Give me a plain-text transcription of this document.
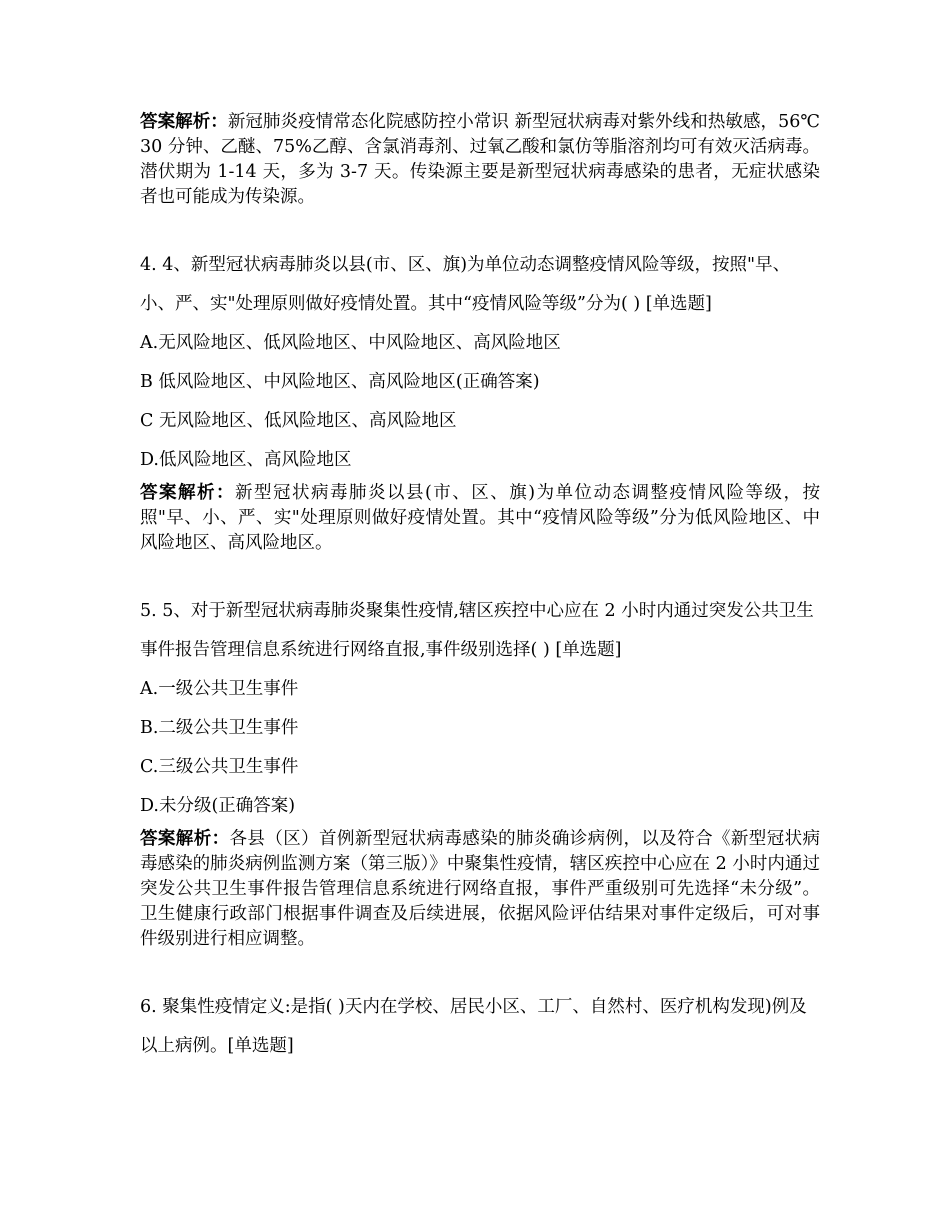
答案解析：新冠肺炎疫情常态化院感防控小常识 新型冠状病毒对紫外线和热敏感，56℃ 30 分钟、乙醚、75%乙醇、含氯消毒剂、过氧乙酸和氯仿等脂溶剂均可有效灭活病毒。潜伏期为 1-14 天，多为 3-7 天。传染源主要是新型冠状病毒感染的患者，无症状感染者也可能成为传染源。

4. 4、新型冠状病毒肺炎以县(市、区、旗)为单位动态调整疫情风险等级，按照"早、小、严、实"处理原则做好疫情处置。其中“疫情风险等级”分为( ) [单选题]

A.无风险地区、低风险地区、中风险地区、高风险地区

B 低风险地区、中风险地区、高风险地区(正确答案)

C 无风险地区、低风险地区、高风险地区

D.低风险地区、高风险地区

答案解析：新型冠状病毒肺炎以县(市、区、旗)为单位动态调整疫情风险等级，按照"早、小、严、实"处理原则做好疫情处置。其中“疫情风险等级”分为低风险地区、中风险地区、高风险地区。

5. 5、对于新型冠状病毒肺炎聚集性疫情,辖区疾控中心应在 2 小时内通过突发公共卫生事件报告管理信息系统进行网络直报,事件级别选择( ) [单选题]

A.一级公共卫生事件

B.二级公共卫生事件

C.三级公共卫生事件

D.未分级(正确答案)

答案解析：各县（区）首例新型冠状病毒感染的肺炎确诊病例，以及符合《新型冠状病毒感染的肺炎病例监测方案（第三版）》中聚集性疫情，辖区疾控中心应在 2 小时内通过突发公共卫生事件报告管理信息系统进行网络直报，事件严重级别可先选择“未分级”。卫生健康行政部门根据事件调查及后续进展，依据风险评估结果对事件定级后，可对事件级别进行相应调整。

6. 聚集性疫情定义:是指( )天内在学校、居民小区、工厂、自然村、医疗机构发现)例及以上病例。[单选题]
